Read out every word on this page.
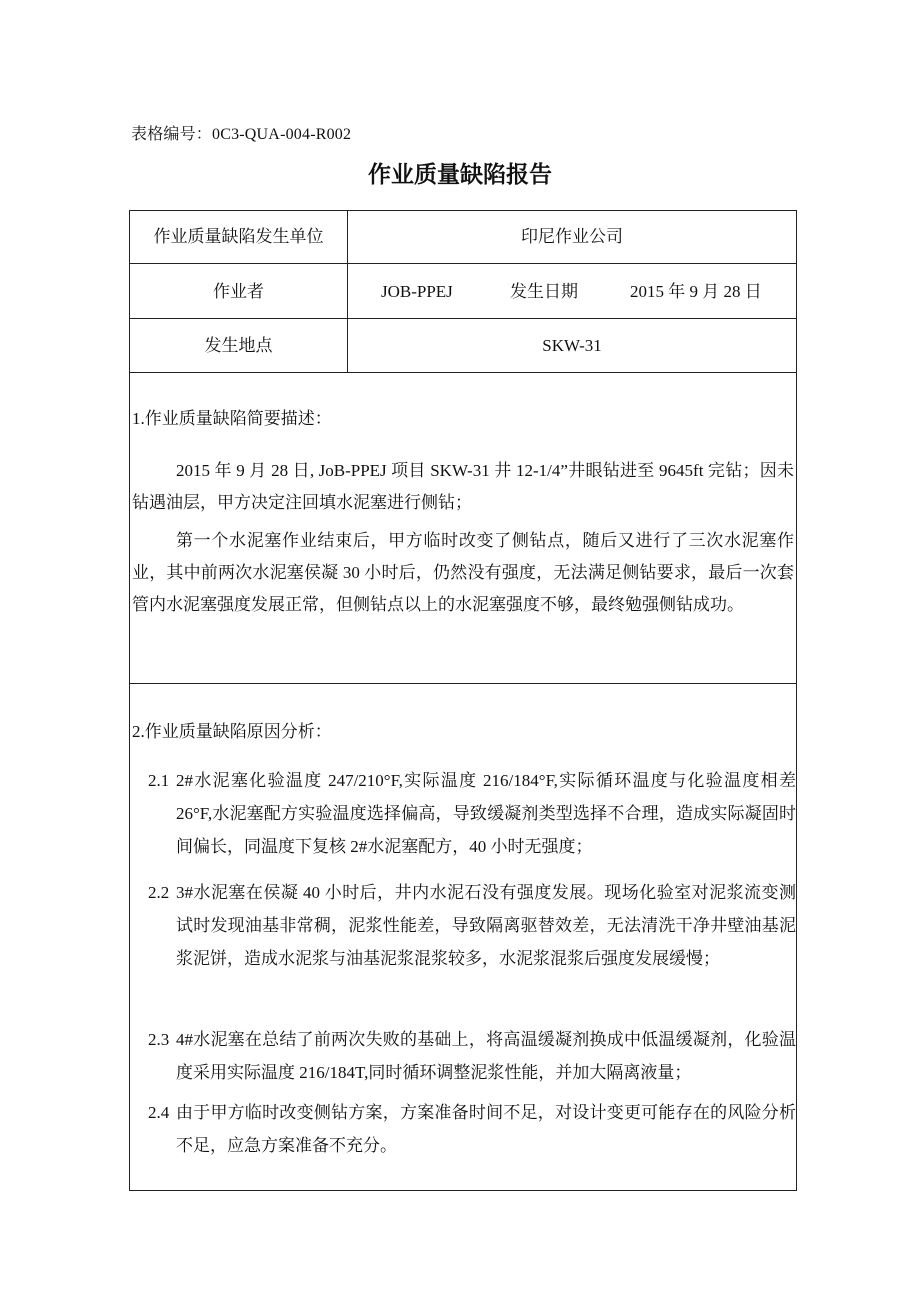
表格编号：0C3-QUA-004-R002
作业质量缺陷报告
作业质量缺陷发生单位	印尼作业公司
作业者	JOB-PPEJ	发生日期	2015 年 9 月 28 日
发生地点	SKW-31
1.作业质量缺陷简要描述：
2015 年 9 月 28 日, JoB-PPEJ 项目 SKW-31 井 12-1/4”井眼钻进至 9645ft 完钻；因未钻遇油层，甲方决定注回填水泥塞进行侧钻；
第一个水泥塞作业结束后，甲方临时改变了侧钻点，随后又进行了三次水泥塞作业，其中前两次水泥塞侯凝 30 小时后，仍然没有强度，无法满足侧钻要求，最后一次套管内水泥塞强度发展正常，但侧钻点以上的水泥塞强度不够，最终勉强侧钻成功。
2.作业质量缺陷原因分析：
2.1 2#水泥塞化验温度 247/210°F,实际温度 216/184°F,实际循环温度与化验温度相差 26°F,水泥塞配方实验温度选择偏高，导致缓凝剂类型选择不合理，造成实际凝固时间偏长，同温度下复核 2#水泥塞配方，40 小时无强度；
2.2 3#水泥塞在侯凝 40 小时后，井内水泥石没有强度发展。现场化验室对泥浆流变测试时发现油基非常稠，泥浆性能差，导致隔离驱替效差，无法清洗干净井壁油基泥浆泥饼，造成水泥浆与油基泥浆混浆较多，水泥浆混浆后强度发展缓慢；
2.3 4#水泥塞在总结了前两次失败的基础上，将高温缓凝剂换成中低温缓凝剂，化验温度采用实际温度 216/184T,同时循环调整泥浆性能，并加大隔离液量；
2.4 由于甲方临时改变侧钻方案，方案准备时间不足，对设计变更可能存在的风险分析不足，应急方案准备不充分。
